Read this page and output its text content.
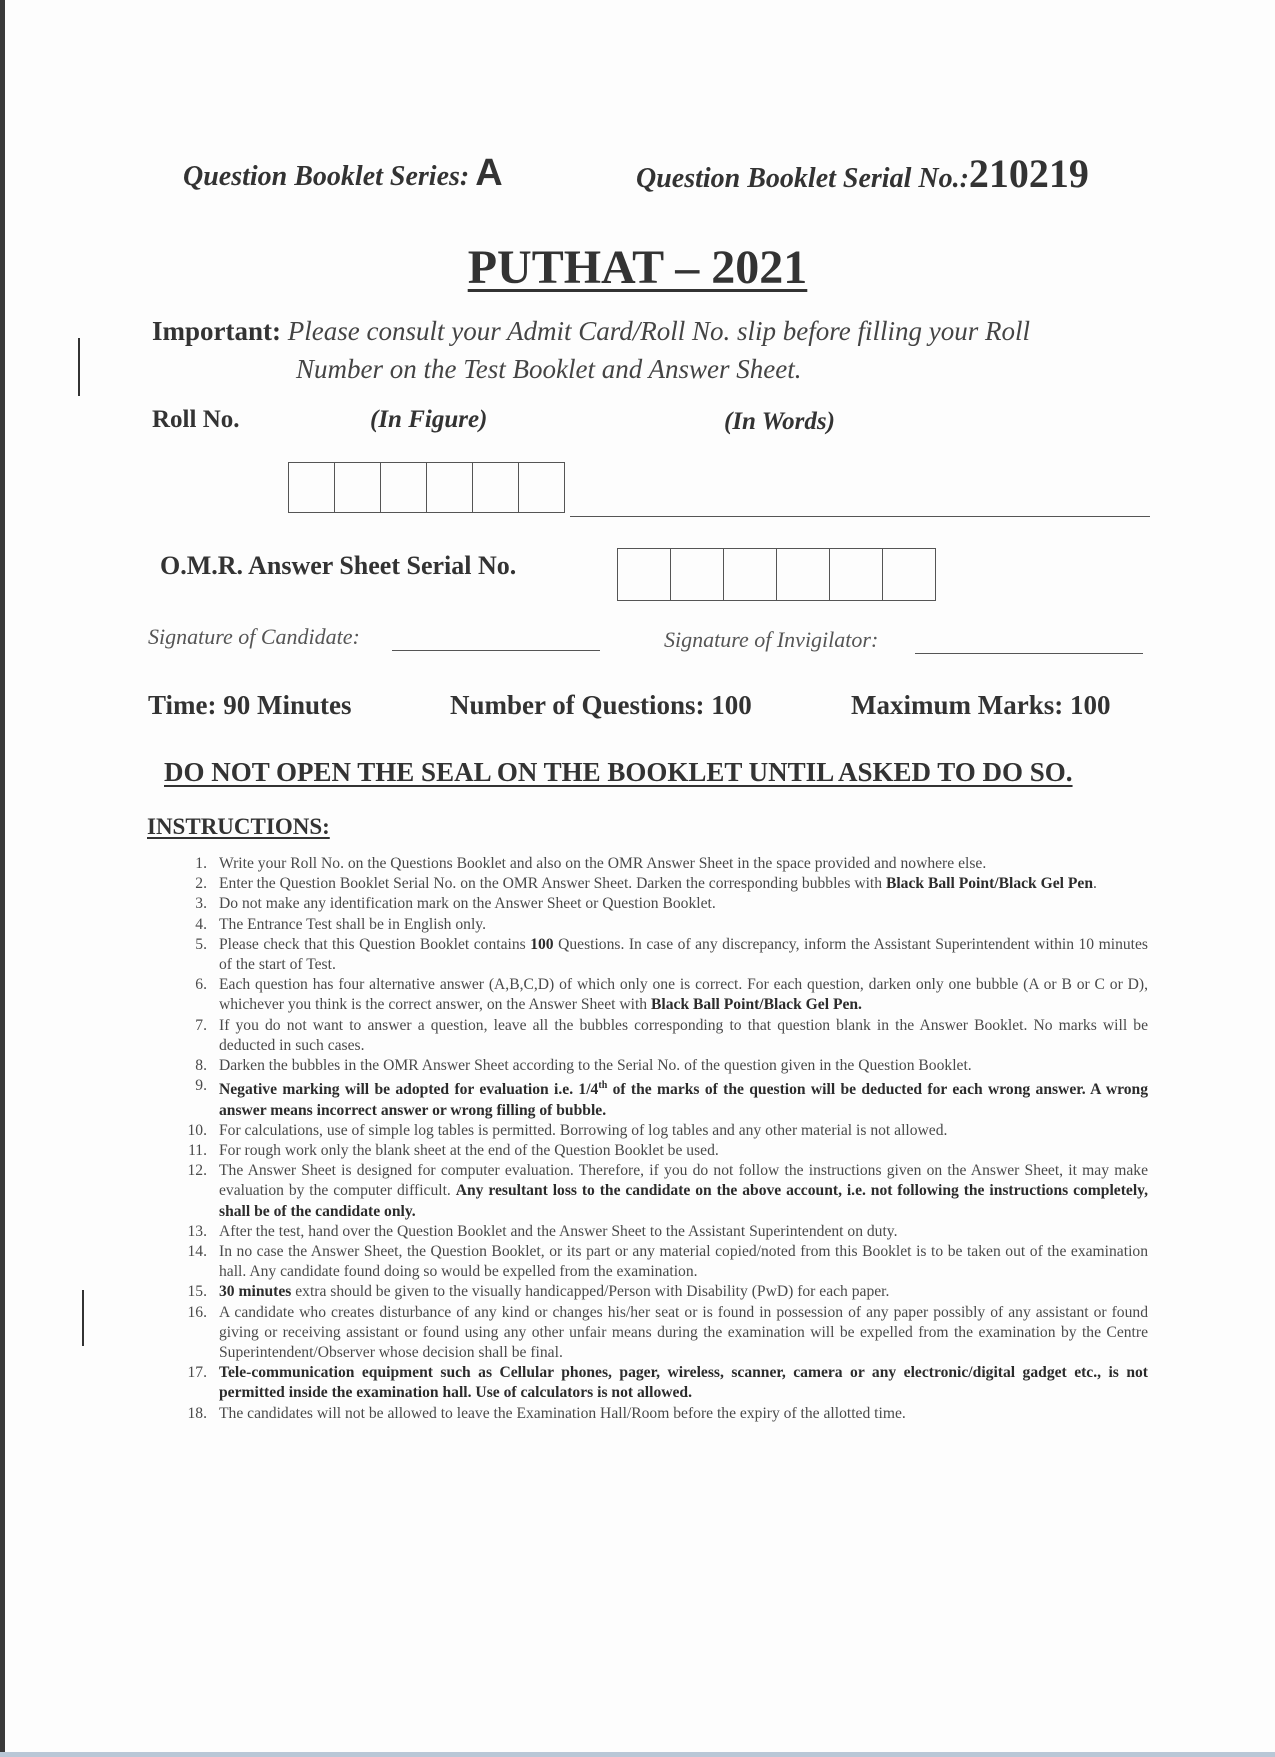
Question Booklet Series: A	Question Booklet Serial No.:210219
PUTHAT – 2021
Important: Please consult your Admit Card/Roll No. slip before filling your Roll
Number on the Test Booklet and Answer Sheet.
Roll No.	(In Figure)	(In Words)
O.M.R. Answer Sheet Serial No.
Signature of Candidate:	Signature of Invigilator:
Time: 90 Minutes	Number of Questions: 100	Maximum Marks: 100
DO NOT OPEN THE SEAL ON THE BOOKLET UNTIL ASKED TO DO SO.
INSTRUCTIONS:
1. Write your Roll No. on the Questions Booklet and also on the OMR Answer Sheet in the space provided and nowhere else.
2. Enter the Question Booklet Serial No. on the OMR Answer Sheet. Darken the corresponding bubbles with Black Ball Point/Black Gel Pen.
3. Do not make any identification mark on the Answer Sheet or Question Booklet.
4. The Entrance Test shall be in English only.
5. Please check that this Question Booklet contains 100 Questions. In case of any discrepancy, inform the Assistant Superintendent within 10 minutes of the start of Test.
6. Each question has four alternative answer (A,B,C,D) of which only one is correct. For each question, darken only one bubble (A or B or C or D), whichever you think is the correct answer, on the Answer Sheet with Black Ball Point/Black Gel Pen.
7. If you do not want to answer a question, leave all the bubbles corresponding to that question blank in the Answer Booklet. No marks will be deducted in such cases.
8. Darken the bubbles in the OMR Answer Sheet according to the Serial No. of the question given in the Question Booklet.
9. Negative marking will be adopted for evaluation i.e. 1/4th of the marks of the question will be deducted for each wrong answer. A wrong answer means incorrect answer or wrong filling of bubble.
10. For calculations, use of simple log tables is permitted. Borrowing of log tables and any other material is not allowed.
11. For rough work only the blank sheet at the end of the Question Booklet be used.
12. The Answer Sheet is designed for computer evaluation. Therefore, if you do not follow the instructions given on the Answer Sheet, it may make evaluation by the computer difficult. Any resultant loss to the candidate on the above account, i.e. not following the instructions completely, shall be of the candidate only.
13. After the test, hand over the Question Booklet and the Answer Sheet to the Assistant Superintendent on duty.
14. In no case the Answer Sheet, the Question Booklet, or its part or any material copied/noted from this Booklet is to be taken out of the examination hall. Any candidate found doing so would be expelled from the examination.
15. 30 minutes extra should be given to the visually handicapped/Person with Disability (PwD) for each paper.
16. A candidate who creates disturbance of any kind or changes his/her seat or is found in possession of any paper possibly of any assistant or found giving or receiving assistant or found using any other unfair means during the examination will be expelled from the examination by the Centre Superintendent/Observer whose decision shall be final.
17. Tele-communication equipment such as Cellular phones, pager, wireless, scanner, camera or any electronic/digital gadget etc., is not permitted inside the examination hall. Use of calculators is not allowed.
18. The candidates will not be allowed to leave the Examination Hall/Room before the expiry of the allotted time.
